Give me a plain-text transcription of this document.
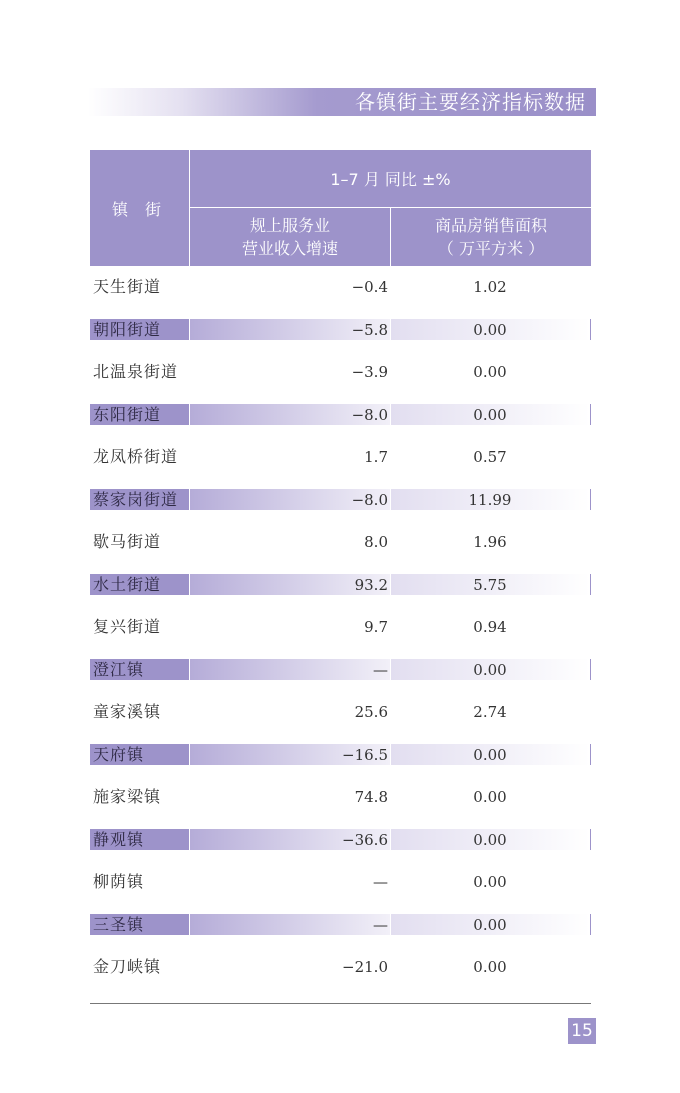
各镇街主要经济指标数据
镇 街
1–7 月 同比 ±%
规上服务业
营业收入增速
商品房销售面积
（ 万平方米 ）
天生街道	−0.4	1.02
朝阳街道	−5.8	0.00
北温泉街道	−3.9	0.00
东阳街道	−8.0	0.00
龙凤桥街道	1.7	0.57
蔡家岗街道	−8.0	11.99
歇马街道	8.0	1.96
水土街道	93.2	5.75
复兴街道	9.7	0.94
澄江镇	—	0.00
童家溪镇	25.6	2.74
天府镇	−16.5	0.00
施家梁镇	74.8	0.00
静观镇	−36.6	0.00
柳荫镇	—	0.00
三圣镇	—	0.00
金刀峡镇	−21.0	0.00
15
